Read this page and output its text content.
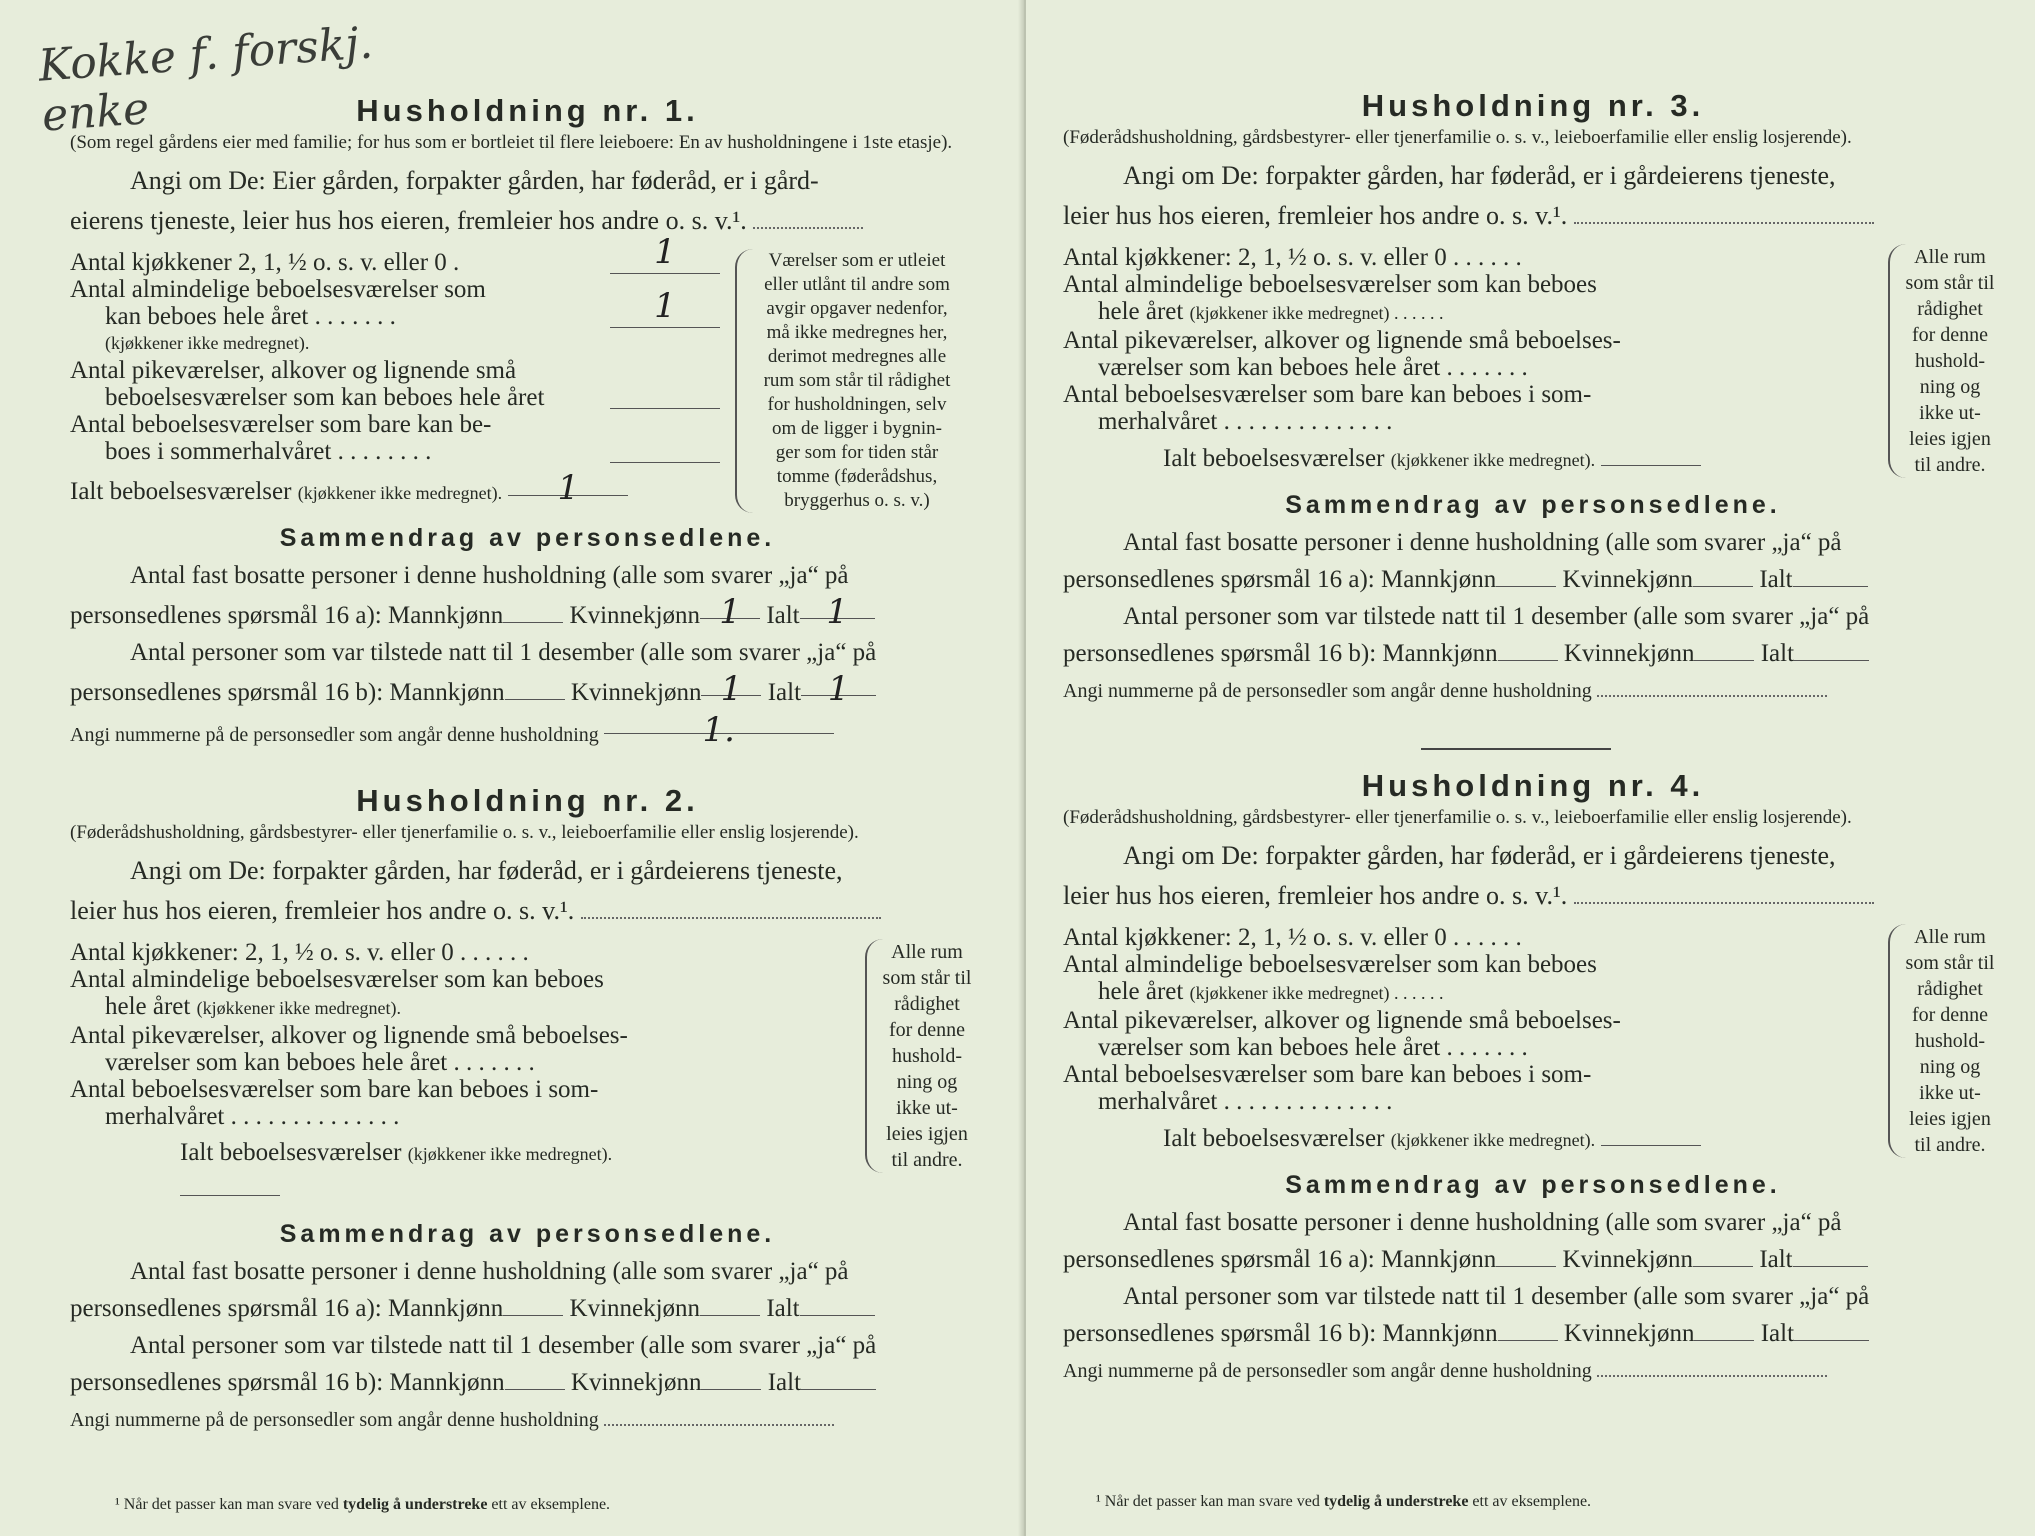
Kokke f. forskj.
enke	Husholdning nr. 1.

(Som regel gårdens eier med familie; for hus som er bortleiet til flere leieboere: En av husholdningene i 1ste etasje).

Angi om De: Eier gården, forpakter gården, har føderåd, er i gård-

eierens tjeneste, leier hus hos eieren, fremleier hos andre o. s. v.¹.

Antal kjøkkener 2, 1, ½ o. s. v. eller 0 .	1

Antal almindelige beboelsesværelser som

kan beboes hele året . . . . . . .	1

(kjøkkener ikke medregnet).

Antal pikeværelser, alkover og lignende små

beboelsesværelser som kan beboes hele året

Antal beboelsesværelser som bare kan be-

boes i sommerhalvåret . . . . . . . .

Ialt beboelsesværelser (kjøkkener ikke medregnet). 1

Værelser som er utleiet
eller utlånt til andre som
avgir opgaver nedenfor,
må ikke medregnes her,
derimot medregnes alle
rum som står til rådighet
for husholdningen, selv
om de ligger i bygnin-
ger som for tiden står
tomme (føderådshus,
bryggerhus o. s. v.)
Sammendrag av personsedlene.

Antal fast bosatte personer i denne husholdning (alle som svarer „ja“ på

personsedlenes spørsmål 16 a): Mannkjønn	Kvinnekjønn 1 Ialt 1

Antal personer som var tilstede natt til 1 desember (alle som svarer „ja“ på

personsedlenes spørsmål 16 b): Mannkjønn	Kvinnekjønn 1 Ialt 1

Angi nummerne på de personsedler som angår denne husholdning	1.

Husholdning nr. 2.

(Føderådshusholdning, gårdsbestyrer- eller tjenerfamilie o. s. v., leieboerfamilie eller enslig losjerende).

Angi om De: forpakter gården, har føderåd, er i gårdeierens tjeneste,

leier hus hos eieren, fremleier hos andre o. s. v.¹.

Antal kjøkkener: 2, 1, ½ o. s. v. eller 0 . . . . . .

Antal almindelige beboelsesværelser som kan beboes

hele året (kjøkkener ikke medregnet).

Antal pikeværelser, alkover og lignende små beboelses-

værelser som kan beboes hele året . . . . . . .

Antal beboelsesværelser som bare kan beboes i som-

merhalvåret . . . . . . . . . . . . . .

Ialt beboelsesværelser (kjøkkener ikke medregnet).

Alle rum
som står til
rådighet
for denne
hushold-
ning og
ikke ut-
leies igjen
til andre.
Sammendrag av personsedlene.

Antal fast bosatte personer i denne husholdning (alle som svarer „ja“ på

personsedlenes spørsmål 16 a): Mannkjønn	Kvinnekjønn	Ialt

Antal personer som var tilstede natt til 1 desember (alle som svarer „ja“ på

personsedlenes spørsmål 16 b): Mannkjønn	Kvinnekjønn	Ialt

Angi nummerne på de personsedler som angår denne husholdning

¹ Når det passer kan man svare ved tydelig å understreke ett av eksemplene.
Husholdning nr. 3.

(Føderådshusholdning, gårdsbestyrer- eller tjenerfamilie o. s. v., leieboerfamilie eller enslig losjerende).

Angi om De: forpakter gården, har føderåd, er i gårdeierens tjeneste,

leier hus hos eieren, fremleier hos andre o. s. v.¹.

Antal kjøkkener: 2, 1, ½ o. s. v. eller 0 . . . . . .

Antal almindelige beboelsesværelser som kan beboes

hele året (kjøkkener ikke medregnet) . . . . . .

Antal pikeværelser, alkover og lignende små beboelses-

værelser som kan beboes hele året . . . . . . .

Antal beboelsesværelser som bare kan beboes i som-

merhalvåret . . . . . . . . . . . . . .

Ialt beboelsesværelser (kjøkkener ikke medregnet).

Alle rum
som står til
rådighet
for denne
hushold-
ning og
ikke ut-
leies igjen
til andre.
Sammendrag av personsedlene.

Antal fast bosatte personer i denne husholdning (alle som svarer „ja“ på

personsedlenes spørsmål 16 a): Mannkjønn	Kvinnekjønn	Ialt

Antal personer som var tilstede natt til 1 desember (alle som svarer „ja“ på

personsedlenes spørsmål 16 b): Mannkjønn	Kvinnekjønn	Ialt

Angi nummerne på de personsedler som angår denne husholdning

Husholdning nr. 4.

(Føderådshusholdning, gårdsbestyrer- eller tjenerfamilie o. s. v., leieboerfamilie eller enslig losjerende).

Angi om De: forpakter gården, har føderåd, er i gårdeierens tjeneste,

leier hus hos eieren, fremleier hos andre o. s. v.¹.

Antal kjøkkener: 2, 1, ½ o. s. v. eller 0 . . . . . .

Antal almindelige beboelsesværelser som kan beboes

hele året (kjøkkener ikke medregnet) . . . . . .

Antal pikeværelser, alkover og lignende små beboelses-

værelser som kan beboes hele året . . . . . . .

Antal beboelsesværelser som bare kan beboes i som-

merhalvåret . . . . . . . . . . . . . .

Ialt beboelsesværelser (kjøkkener ikke medregnet).

Alle rum
som står til
rådighet
for denne
hushold-
ning og
ikke ut-
leies igjen
til andre.
Sammendrag av personsedlene.

Antal fast bosatte personer i denne husholdning (alle som svarer „ja“ på

personsedlenes spørsmål 16 a): Mannkjønn	Kvinnekjønn	Ialt

Antal personer som var tilstede natt til 1 desember (alle som svarer „ja“ på

personsedlenes spørsmål 16 b): Mannkjønn	Kvinnekjønn	Ialt

Angi nummerne på de personsedler som angår denne husholdning

¹ Når det passer kan man svare ved tydelig å understreke ett av eksemplene.
